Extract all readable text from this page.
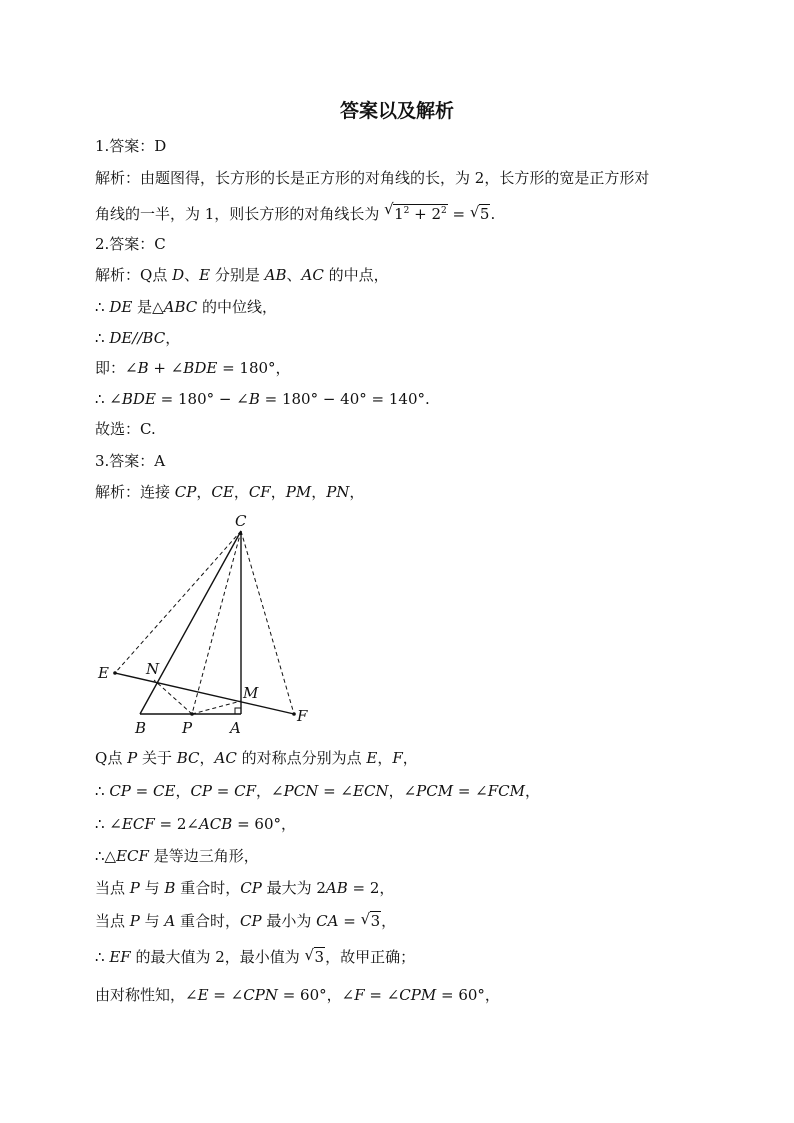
答案以及解析
1.答案：D
解析：由题图得，长方形的长是正方形的对角线的长，为 2，长方形的宽是正方形对
角线的一半，为 1，则长方形的对角线长为 √ $1^2 + 2^2$ = √ 5.
2.答案：C
解析：Q点 D、E 分别是 AB、AC 的中点，
∴ DE 是△ABC 的中位线，
∴ DE//BC，
即：∠B + ∠BDE = 180°，
∴ ∠BDE = 180° − ∠B = 180° − 40° = 140°.
故选：C.
3.答案：A
解析：连接 CP，CE，CF，PM，PN，
C
E N
M
F
B P	A
Q点 P 关于 BC，AC 的对称点分别为点 E，F，
∴ CP = CE，CP = CF，∠PCN = ∠ECN，∠PCM = ∠FCM，
∴ ∠ECF = 2∠ACB = 60°，
∴△ECF 是等边三角形，
当点 P 与 B 重合时，CP 最大为 2AB = 2，
当点 P 与 A 重合时，CP 最小为 CA = √ 3，
∴ EF 的最大值为 2，最小值为 √ 3，故甲正确；
由对称性知，∠E = ∠CPN = 60°，∠F = ∠CPM = 60°，
